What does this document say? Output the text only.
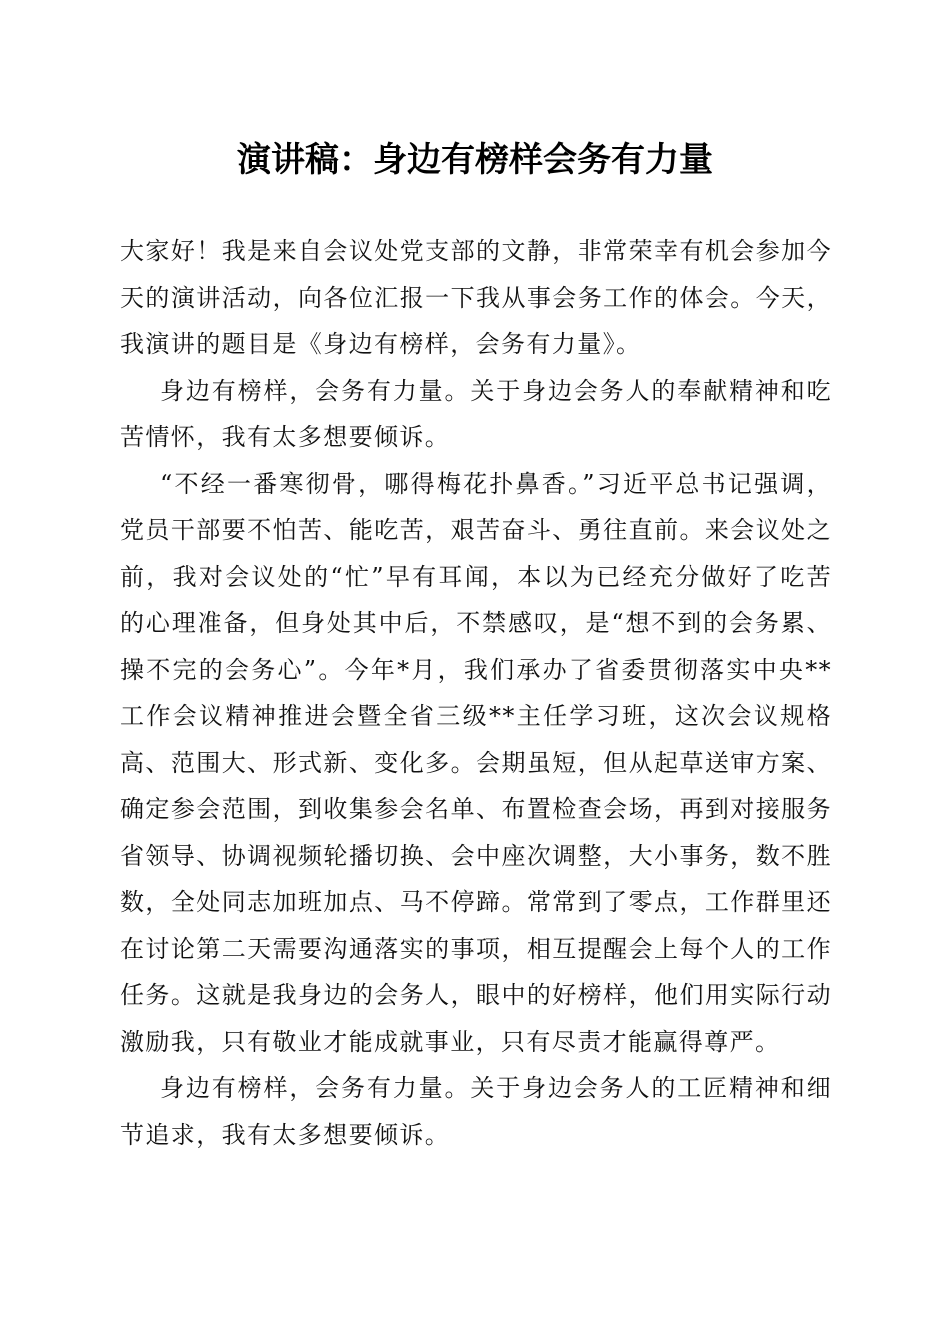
演讲稿：身边有榜样会务有力量

大家好！我是来自会议处党支部的文静，非常荣幸有机会参加今天的演讲活动，向各位汇报一下我从事会务工作的体会。今天，我演讲的题目是《身边有榜样，会务有力量》。

身边有榜样，会务有力量。关于身边会务人的奉献精神和吃苦情怀，我有太多想要倾诉。

“不经一番寒彻骨，哪得梅花扑鼻香。”习近平总书记强调，党员干部要不怕苦、能吃苦，艰苦奋斗、勇往直前。来会议处之前，我对会议处的“忙”早有耳闻，本以为已经充分做好了吃苦的心理准备，但身处其中后，不禁感叹，是“想不到的会务累、操不完的会务心”。今年*月，我们承办了省委贯彻落实中央**工作会议精神推进会暨全省三级**主任学习班，这次会议规格高、范围大、形式新、变化多。会期虽短，但从起草送审方案、确定参会范围，到收集参会名单、布置检查会场，再到对接服务省领导、协调视频轮播切换、会中座次调整，大小事务，数不胜数，全处同志加班加点、马不停蹄。常常到了零点，工作群里还在讨论第二天需要沟通落实的事项，相互提醒会上每个人的工作任务。这就是我身边的会务人，眼中的好榜样，他们用实际行动激励我，只有敬业才能成就事业，只有尽责才能赢得尊严。

身边有榜样，会务有力量。关于身边会务人的工匠精神和细节追求，我有太多想要倾诉。
